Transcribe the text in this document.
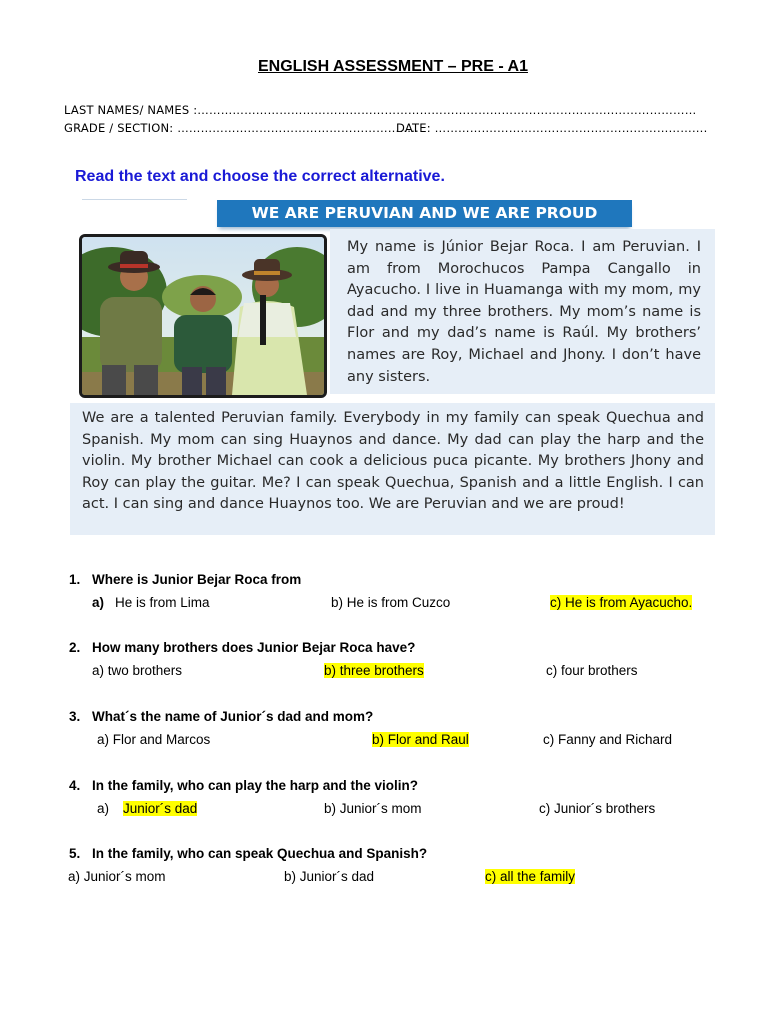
ENGLISH ASSESSMENT – PRE - A1
LAST NAMES/ NAMES :……………………………………………………………………………………………..…………………
GRADE / SECTION: ……………………………………………………..
DATE: …………….………………………..…………………….
Read the text and choose the correct alternative.
WE ARE PERUVIAN AND WE ARE PROUD
My name is Júnior Bejar Roca. I am Peruvian. I am from Morochucos Pampa Cangallo in Ayacucho. I live in Huamanga with my mom, my dad and my three brothers. My mom’s name is Flor and my dad’s name is Raúl. My brothers’ names are Roy, Michael and Jhony. I don’t have any sisters.
We are a talented Peruvian family. Everybody in my family can speak Quechua and Spanish. My mom can sing Huaynos and dance. My dad can play the harp and the violin. My brother Michael can cook a delicious puca picante. My brothers Jhony and Roy can play the guitar. Me? I can speak Quechua, Spanish and a little English. I can act. I can sing and dance Huaynos too. We are Peruvian and we are proud!
1. Where is Junior Bejar Roca from
a) He is from Lima	b) He is from Cuzco	c) He is from Ayacucho.
2. How many brothers does Junior Bejar Roca have?
a) two brothers	b) three brothers	c) four brothers
3. What´s the name of Junior´s dad and mom?
a) Flor and Marcos	b) Flor and Raul	c) Fanny and Richard
4. In the family, who can play the harp and the violin?
a) Junior´s dad	b) Junior´s mom	c) Junior´s brothers
5. In the family, who can speak Quechua and Spanish?
a) Junior´s mom	b) Junior´s dad	c) all the family
